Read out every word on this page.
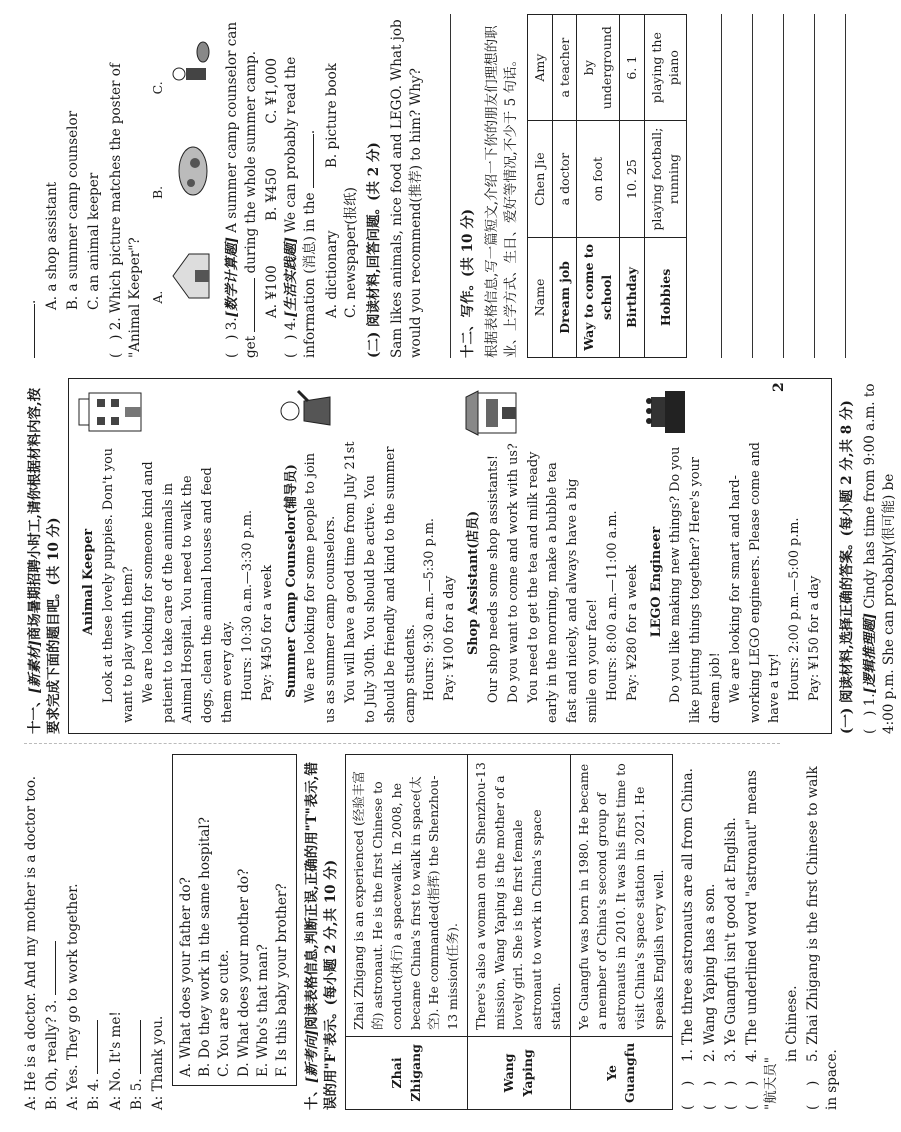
A: He is a doctor. And my mother is a doctor too. B: Oh, really? 3. A: Yes. They go to work together. B: 4. A: No. It's me! B: 5. A: Thank you. A. What does your father do? B. Do they work in the same hospital? C. You are so cute. D. What does your mother do? E. Who's that man? F. Is this baby your brother?
十、[新考向]阅读表格信息,判断正误,正确的用"T"表示,错误的用"F"表示。(每小题 2 分,共 10 分)	Zhai Zhigang	Zhai Zhigang is an experienced (经验丰富的) astronaut. He is the first Chinese to conduct(执行) a spacewalk. In 2008, he became China's first to walk in space(太空). He commanded(指挥) the Shenzhou-13 mission(任务).
Wang Yaping	There's also a woman on the Shenzhou-13 mission, Wang Yaping is the mother of a lovely girl. She is the first female astronaut to work in China's space station.
Ye Guangfu	Ye Guangfu was born in 1980. He became a member of China's second group of astronauts in 2010. It was his first time to visit China's space station in 2021. He speaks English very well.
()1. The three astronauts are all from China.
()2. Wang Yaping has a son.
()3. Ye Guangfu isn't good at English.
()4. The underlined word "astronaut" means "航天员"
in Chinese.
()5. Zhai Zhigang is the first Chinese to walk in space.
十一、[新素材]商场暑期招聘小时工,请你根据材料内容,按要求完成下面的题目吧。(共 10 分) Animal Keeper Look at these lovely puppies. Don't you want to play with them? We are looking for someone kind and patient to take care of the animals in Animal Hospital. You need to walk the dogs, clean the animal houses and feed them every day. Hours: 10:30 a.m.—3:30 p.m. Pay: ¥450 for a week Summer Camp Counselor(辅导员) We are looking for some people to join us as summer camp counselors. You will have a good time from July 21st to July 30th. You should be active. You should be friendly and kind to the summer camp students. Hours: 9:30 a.m.—5:30 p.m. Pay: ¥100 for a day Shop Assistant(店员) Our shop needs some shop assistants! Do you want to come and work with us? You need to get the tea and milk ready early in the morning, make a bubble tea fast and nicely, and always have a big smile on your face! Hours: 8:00 a.m.—11:00 a.m. Pay: ¥280 for a week LEGO Engineer Do you like making new things? Do you like putting things together? Here's your dream job! We are looking for smart and hard-working LEGO engineers. Please come and have a try! Hours: 2:00 p.m.—5:00 p.m. Pay: ¥150 for a day (一) 阅读材料,选择正确的答案。(每小题 2 分,共 8 分) (   ) 1.[逻辑推理题] Cindy has time from 9:00 a.m. to 4:00 p.m. She can probably(很可能) be
. A. a shop assistant B. a summer camp counselor C. an animal keeper
(   ) 2. Which picture matches the poster of "Animal Keeper"? A.
B.
C.
(   ) 3.[数学计算题] A summer camp counselor can get  during the whole summer camp.
A. ¥100
B. ¥450
C. ¥1,000
(   ) 4.[生活实践题] We can probably read the information (消息) in the .
A. dictionary
B. picture book
C. newspaper(报纸) (二) 阅读材料,回答问题。(共 2 分) Sam likes animals, nice food and LEGO. What job would you recommend(推荐) to him? Why?	十二、写作。(共 10 分) 根据表格信息,写一篇短文,介绍一下你的朋友们理想的职业、上学方式、生日、爱好等情况,不少于 5 句话。 Name	Chen Jie	Amy
Dream job	a doctor	a teacher
Way to come to school	on foot	by underground
Birthday	10. 25	6. 1
Hobbies	playing football; running	playing the piano
2
